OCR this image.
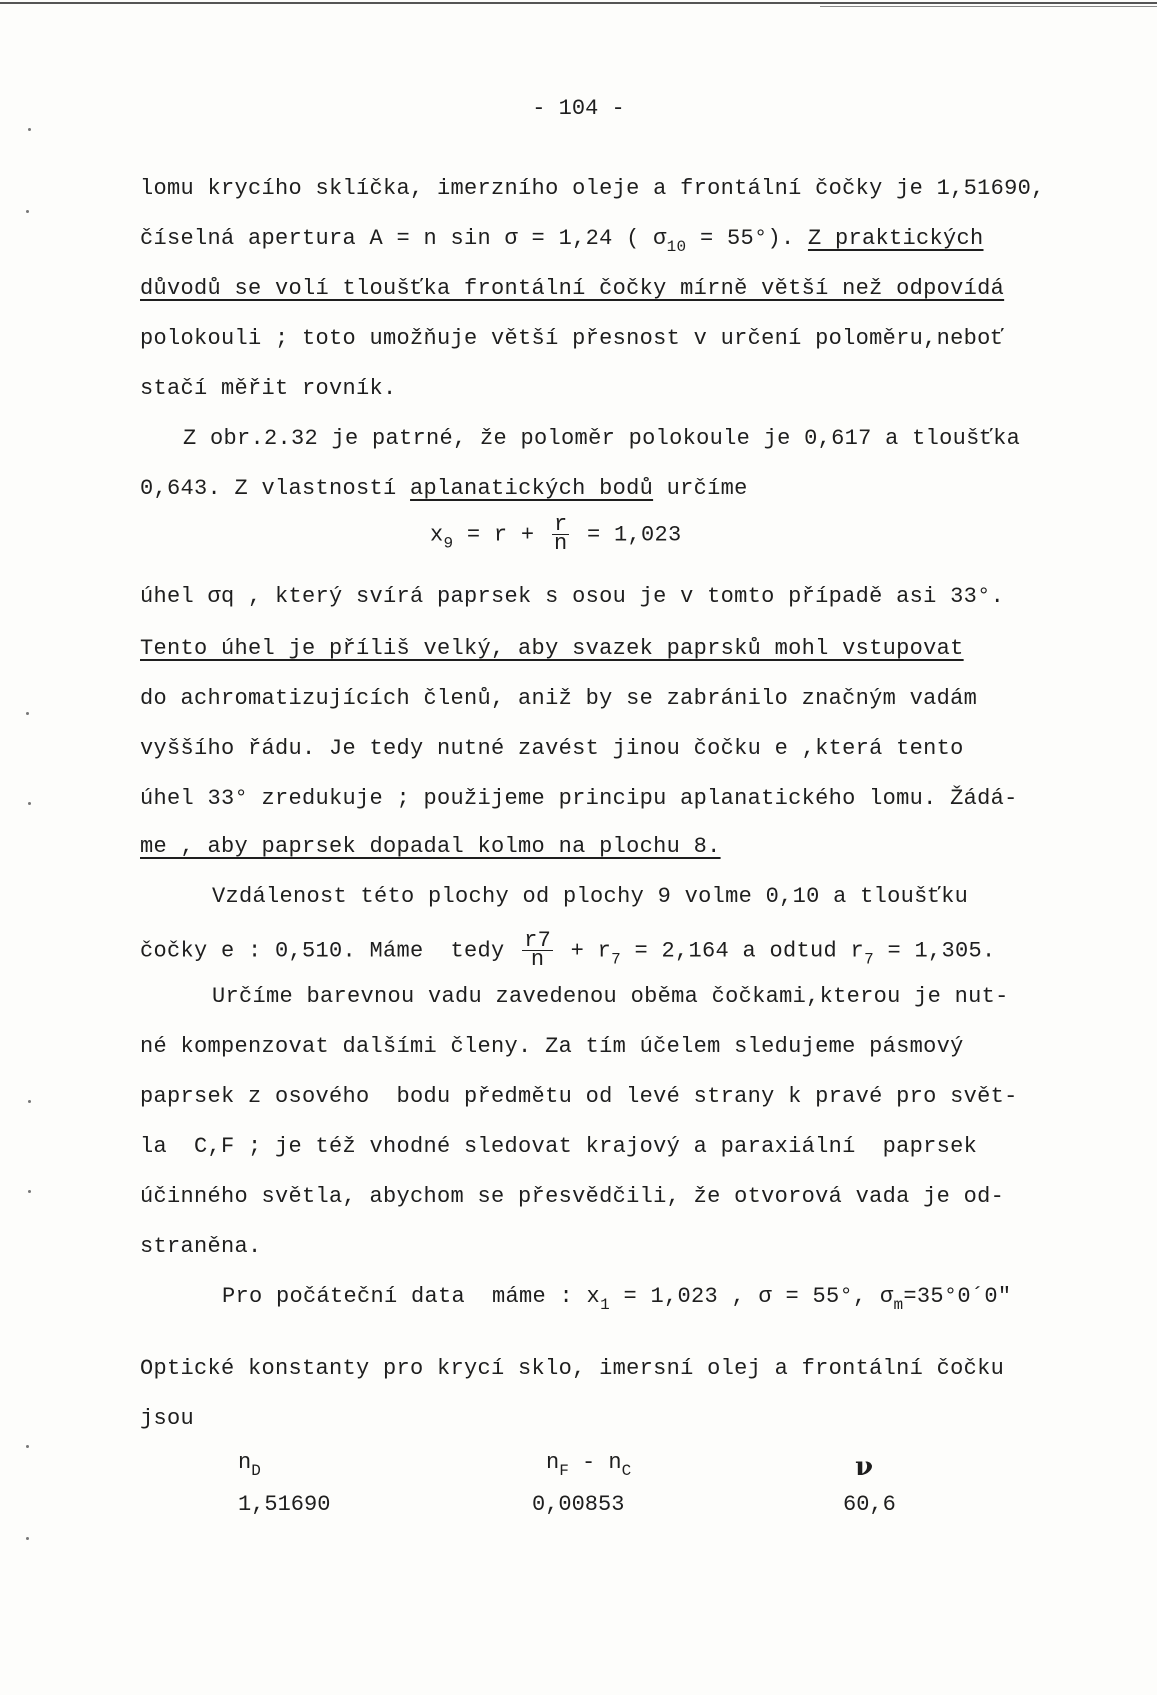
- 104 -
lomu krycího sklíčka, imerzního oleje a frontální čočky je 1,51690,
číselná apertura A = n sin σ = 1,24 ( $\sigma_{10} = 55^\circ$). Z praktických
důvodů se volí tloušťka frontální čočky mírně větší než odpovídá
polokouli ; toto umožňuje větší přesnost v určení poloměru,neboť
stačí měřit rovník.
Z obr.2.32 je patrné, že poloměr polokoule je 0,617 a tloušťka
0,643. Z vlastností aplanatických bodů určíme
$x_9 = r + \frac{r}{n} = 1,023$
úhel σq , který svírá paprsek s osou je v tomto případě asi 33°.
Tento úhel je příliš velký, aby svazek paprsků mohl vstupovat
do achromatizujících členů, aniž by se zabránilo značným vadám
vyššího řádu. Je tedy nutné zavést jinou čočku e ,která tento
úhel 33° zredukuje ; použijeme principu aplanatického lomu. Žádá-
me , aby paprsek dopadal kolmo na plochu 8.
Vzdálenost této plochy od plochy 9 volme 0,10 a tloušťku
čočky e : 0,510. Máme  tedy $\frac{r7}{n} + r_7 = 2,164$ a odtud $r_7 = 1,305$.
Určíme barevnou vadu zavedenou oběma čočkami,kterou je nut-
né kompenzovat dalšími členy. Za tím účelem sledujeme pásmový
paprsek z osového  bodu předmětu od levé strany k pravé pro svět-
la  C,F ; je též vhodné sledovat krajový a paraxiální  paprsek
účinného světla, abychom se přesvědčili, že otvorová vada je od-
straněna.
Pro počáteční data  máme : $x_1 = 1,023$ , σ = 55°, $\sigma_m=35^\circ 0´0$"
Optické konstanty pro krycí sklo, imersní olej a frontální čočku
jsou
$n_D$	$n_F - n_C$	ν
1,51690	0,00853	60,6
